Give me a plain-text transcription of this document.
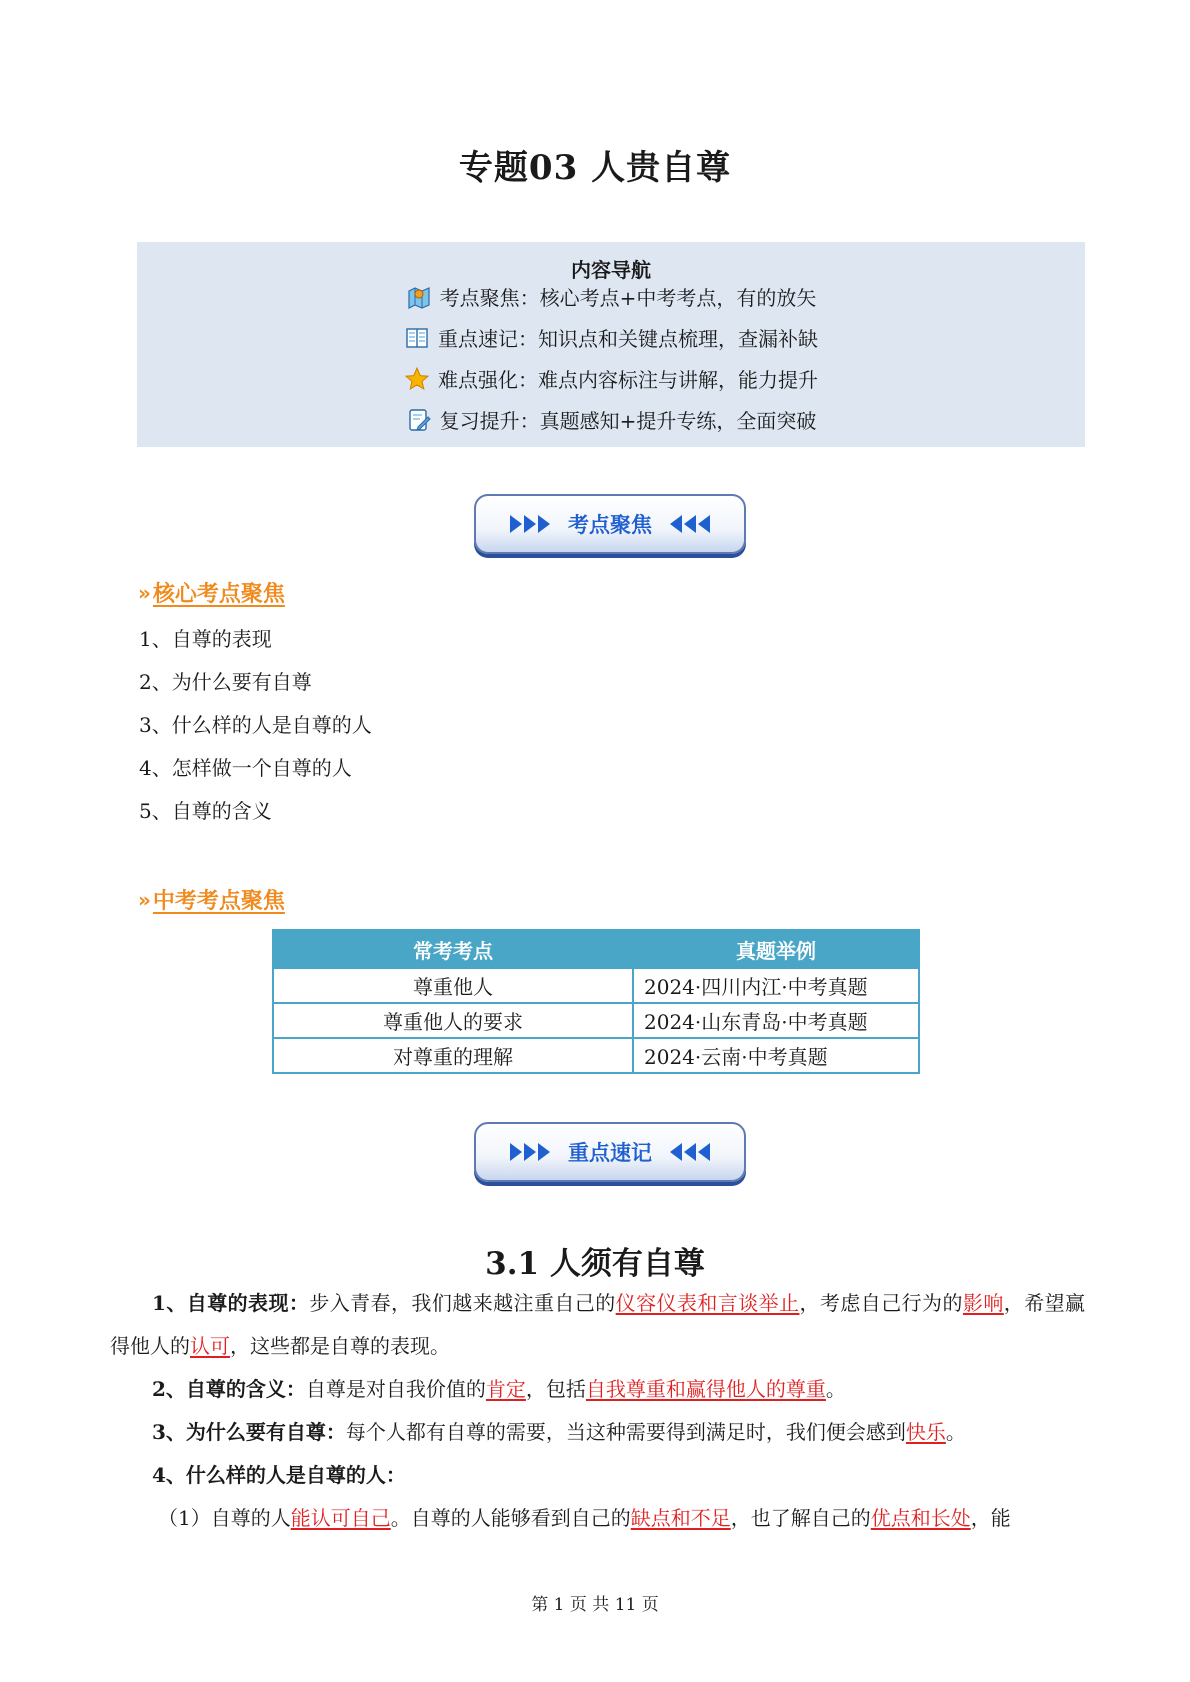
专题03 人贵自尊
内容导航
考点聚焦：核心考点+中考考点，有的放矢
重点速记：知识点和关键点梳理，查漏补缺
难点强化：难点内容标注与讲解，能力提升
复习提升：真题感知+提升专练，全面突破
考点聚焦
» 核心考点聚焦
1、自尊的表现
2、为什么要有自尊
3、什么样的人是自尊的人
4、怎样做一个自尊的人
5、自尊的含义
» 中考考点聚焦
常考考点	真题举例
尊重他人	2024·四川内江·中考真题
尊重他人的要求	2024·山东青岛·中考真题
对尊重的理解	2024·云南·中考真题
重点速记
3.1 人须有自尊
1、自尊的表现：步入青春，我们越来越注重自己的仪容仪表和言谈举止，考虑自己行为的影响，希望赢得他人的认可，这些都是自尊的表现。
2、自尊的含义：自尊是对自我价值的肯定，包括自我尊重和赢得他人的尊重。
3、为什么要有自尊：每个人都有自尊的需要，当这种需要得到满足时，我们便会感到快乐。
4、什么样的人是自尊的人：
（1）自尊的人能认可自己。自尊的人能够看到自己的缺点和不足，也了解自己的优点和长处，能
第 1 页 共 11 页
